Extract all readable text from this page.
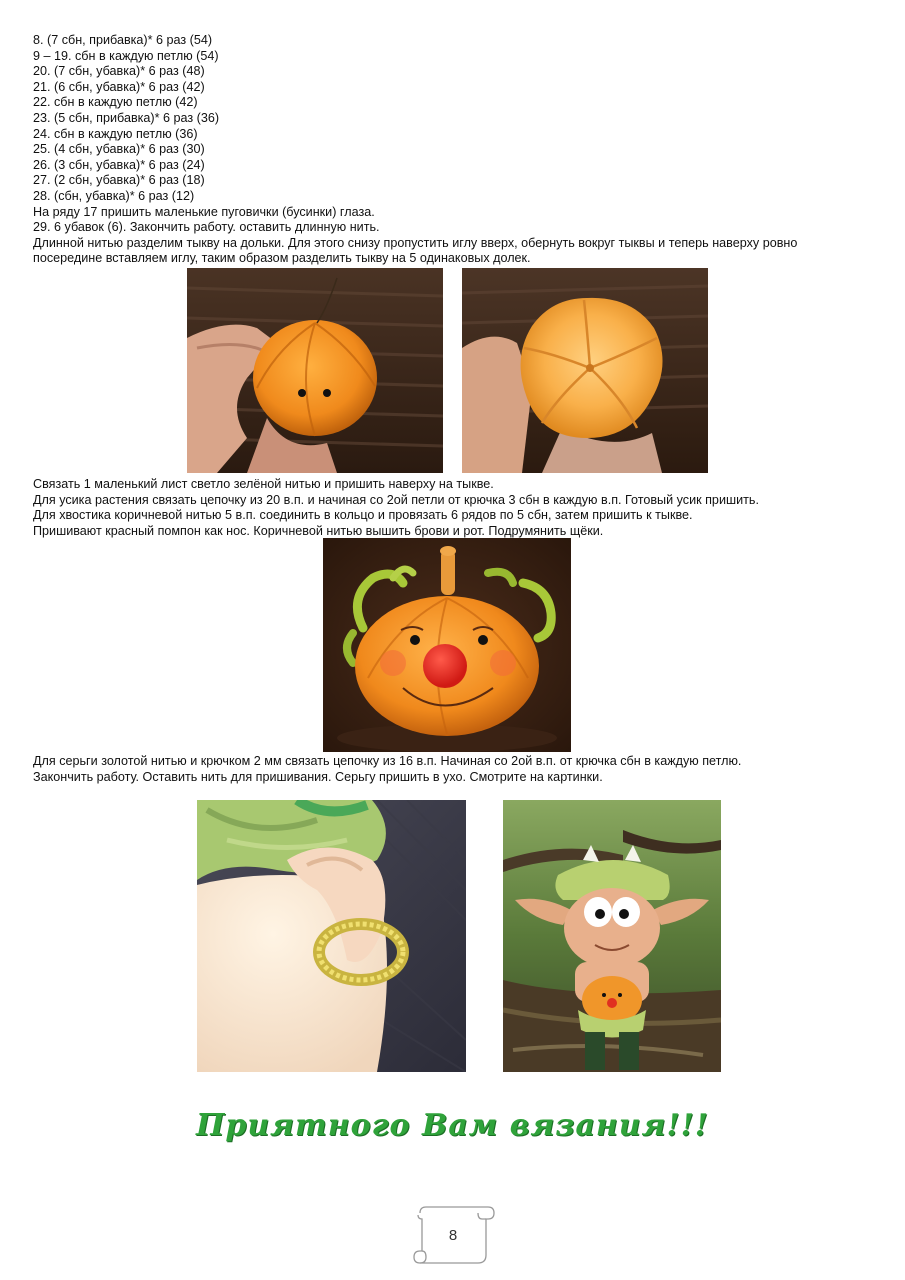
8. (7 сбн, прибавка)* 6 раз (54)
9 – 19. сбн в каждую петлю (54)
20. (7 сбн, убавка)* 6 раз (48)
21. (6 сбн, убавка)* 6 раз (42)
22. сбн в каждую петлю (42)
23. (5 сбн, прибавка)* 6 раз (36)
24. сбн в каждую петлю (36)
25. (4 сбн, убавка)* 6 раз (30)
26. (3 сбн, убавка)* 6 раз (24)
27. (2 сбн, убавка)* 6 раз (18)
28. (сбн, убавка)* 6 раз (12)
На ряду 17 пришить маленькие пуговички (бусинки) глаза.
29. 6 убавок (6). Закончить работу. оставить длинную нить.
Длинной нитью разделим тыкву на дольки. Для этого снизу пропустить иглу вверх, обернуть вокруг тыквы и теперь наверху ровно
посередине вставляем иглу, таким образом разделить тыкву на 5 одинаковых долек.
Связать 1 маленький лист светло зелёной нитью и пришить наверху на тыкве.
Для усика растения связать цепочку из 20 в.п. и начиная со 2ой петли от крючка 3 сбн в каждую в.п. Готовый усик пришить.
Для хвостика коричневой нитью 5 в.п. соединить в кольцо и провязать 6 рядов по 5 сбн, затем пришить к тыкве.
Пришивают красный помпон как нос. Коричневой нитью вышить брови и рот. Подрумянить щёки.
Для серьги золотой нитью и крючком 2 мм связать цепочку из 16 в.п. Начиная со 2ой в.п. от крючка сбн в каждую петлю.
Закончить работу. Оставить нить для пришивания. Серьгу пришить в ухо. Смотрите на картинки.
Приятного Вам вязания!!!
8
